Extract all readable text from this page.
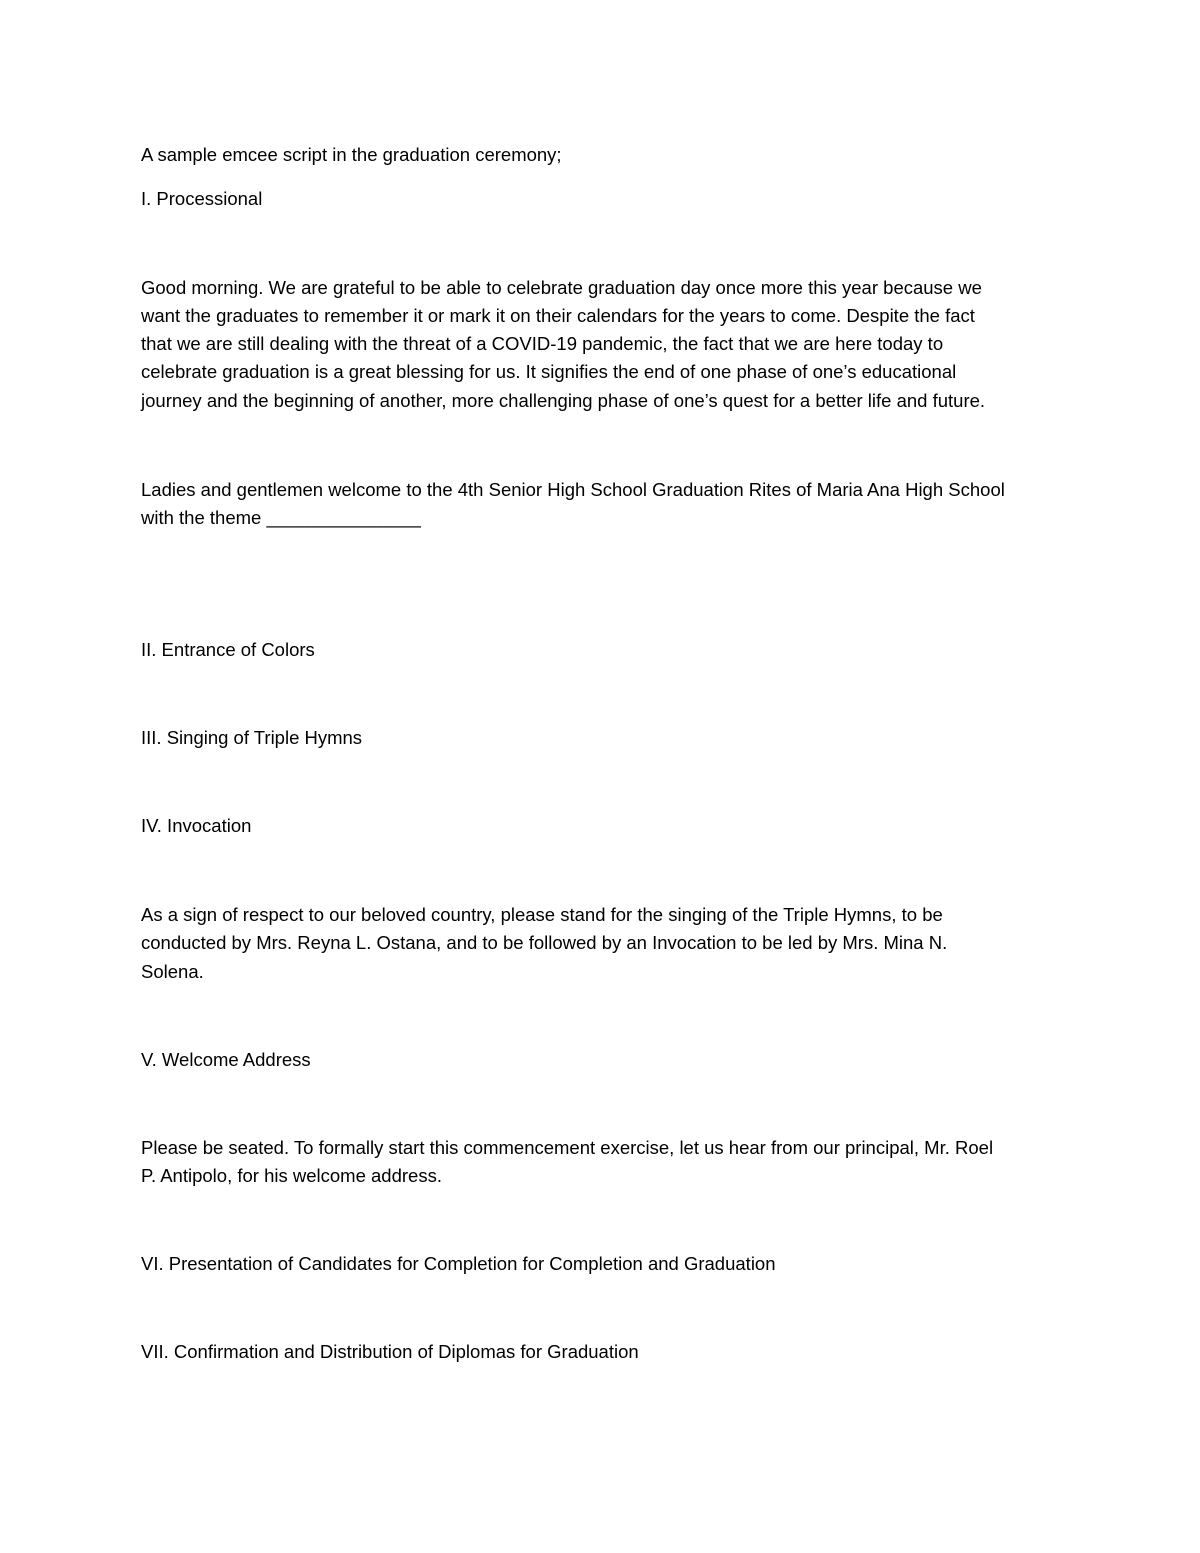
A sample emcee script in the graduation ceremony;
I. Processional
Good morning. We are grateful to be able to celebrate graduation day once more this year because we
want the graduates to remember it or mark it on their calendars for the years to come. Despite the fact
that we are still dealing with the threat of a COVID-19 pandemic, the fact that we are here today to
celebrate graduation is a great blessing for us. It signifies the end of one phase of one’s educational
journey and the beginning of another, more challenging phase of one’s quest for a better life and future.
Ladies and gentlemen welcome to the 4th Senior High School Graduation Rites of Maria Ana High School
with the theme _______________
II. Entrance of Colors
III. Singing of Triple Hymns
IV. Invocation
As a sign of respect to our beloved country, please stand for the singing of the Triple Hymns, to be
conducted by Mrs. Reyna L. Ostana, and to be followed by an Invocation to be led by Mrs. Mina N.
Solena.
V. Welcome Address
Please be seated. To formally start this commencement exercise, let us hear from our principal, Mr. Roel
P. Antipolo, for his welcome address.
VI. Presentation of Candidates for Completion for Completion and Graduation
VII. Confirmation and Distribution of Diplomas for Graduation
